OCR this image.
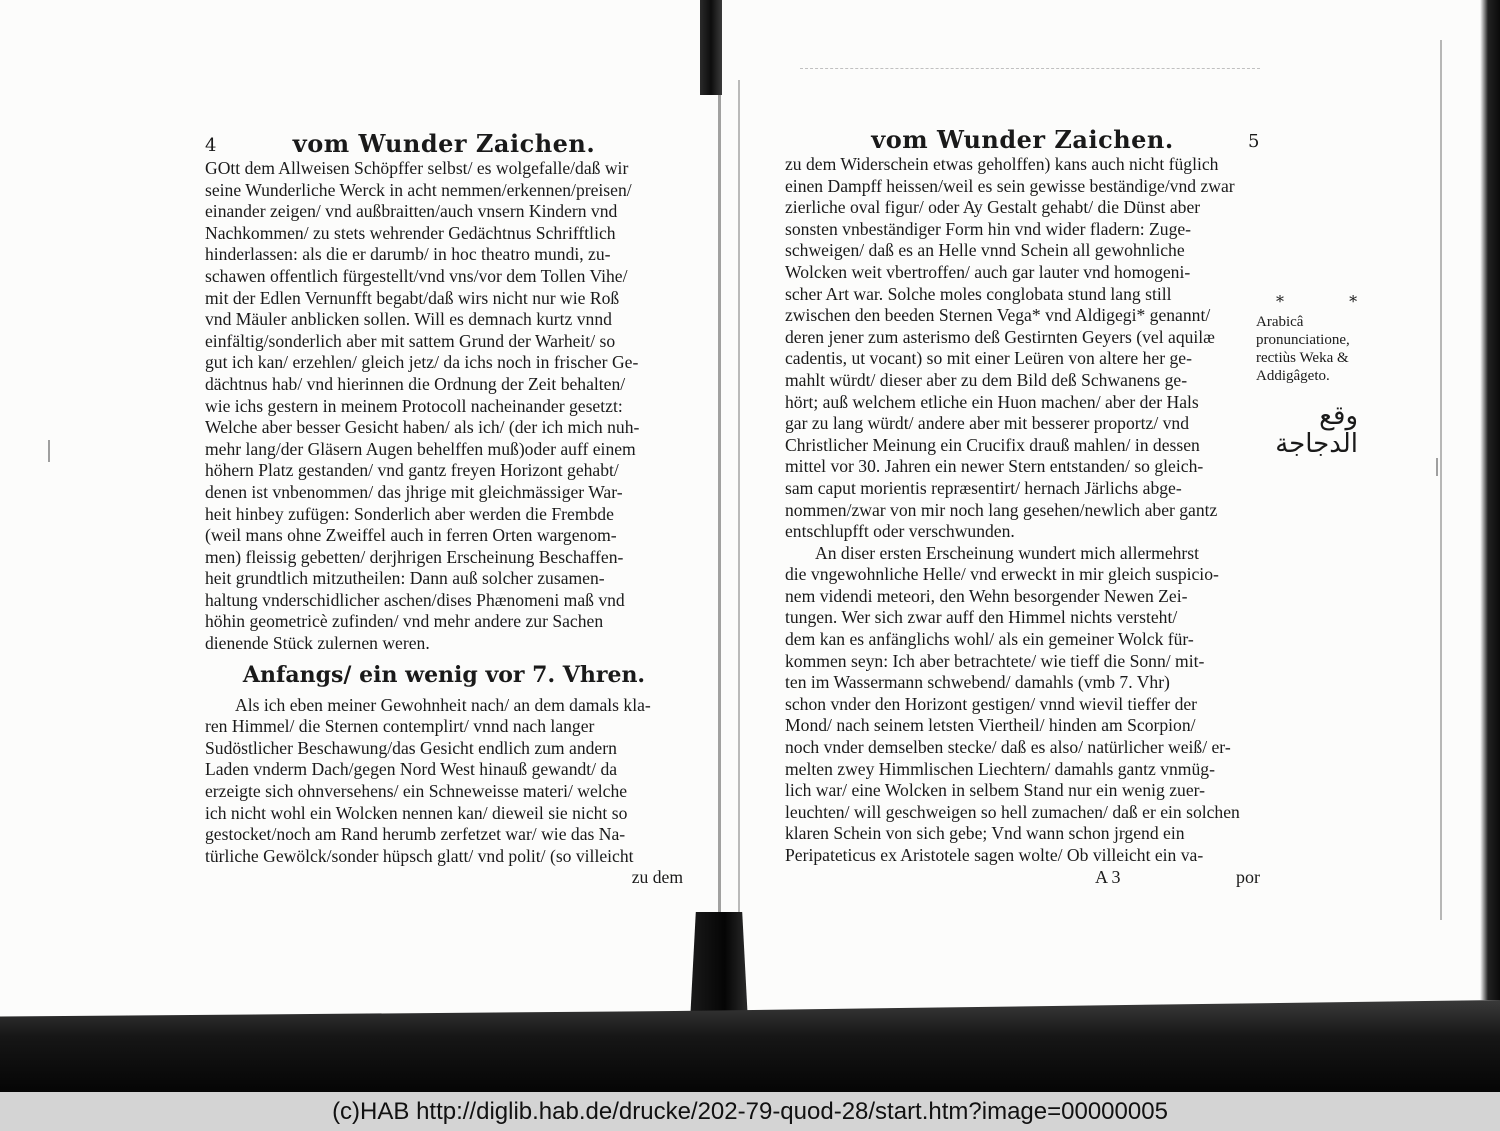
4	vom Wunder Zaichen.
GOtt dem Allweisen Schöpffer selbst/ es wolgefalle/daß wir
seine Wunderliche Werck in acht nemmen/erkennen/preisen/
einander zeigen/ vnd außbraitten/auch vnsern Kindern vnd
Nachkommen/ zu stets wehrender Gedächtnus Schrifftlich
hinderlassen: als die er darumb/ in hoc theatro mundi, zu-
schawen offentlich fürgestellt/vnd vns/vor dem Tollen Vihe/
mit der Edlen Vernunfft begabt/daß wirs nicht nur wie Roß
vnd Mäuler anblicken sollen. Will es demnach kurtz vnnd
einfältig/sonderlich aber mit sattem Grund der Warheit/ so
gut ich kan/ erzehlen/ gleich jetz/ da ichs noch in frischer Ge-
dächtnus hab/ vnd hierinnen die Ordnung der Zeit behalten/
wie ichs gestern in meinem Protocoll nacheinander gesetzt:
Welche aber besser Gesicht haben/ als ich/ (der ich mich nuh-
mehr lang/der Gläsern Augen behelffen muß)oder auff einem
höhern Platz gestanden/ vnd gantz freyen Horizont gehabt/
denen ist vnbenommen/ das jhrige mit gleichmässiger War-
heit hinbey zufügen: Sonderlich aber werden die Frembde
(weil mans ohne Zweiffel auch in ferren Orten wargenom-
men) fleissig gebetten/ derjhrigen Erscheinung Beschaffen-
heit grundtlich mitzutheilen: Dann auß solcher zusamen-
haltung vnderschidlicher aschen/dises Phænomeni maß vnd
höhin geometricè zufinden/ vnd mehr andere zur Sachen
dienende Stück zulernen weren.
Anfangs/ ein wenig vor 7. Vhren.
Als ich eben meiner Gewohnheit nach/ an dem damals kla-
ren Himmel/ die Sternen contemplirt/ vnnd nach langer
Sudöstlicher Beschawung/das Gesicht endlich zum andern
Laden vnderm Dach/gegen Nord West hinauß gewandt/ da
erzeigte sich ohnversehens/ ein Schneweisse materi/ welche
ich nicht wohl ein Wolcken nennen kan/ dieweil sie nicht so
gestocket/noch am Rand herumb zerfetzet war/ wie das Na-
türliche Gewölck/sonder hüpsch glatt/ vnd polit/ (so villeicht
zu dem
vom Wunder Zaichen.	5
zu dem Widerschein etwas geholffen) kans auch nicht füglich
einen Dampff heissen/weil es sein gewisse beständige/vnd zwar
zierliche oval figur/ oder Ay Gestalt gehabt/ die Dünst aber
sonsten vnbeständiger Form hin vnd wider fladern: Zuge-
schweigen/ daß es an Helle vnnd Schein all gewohnliche
Wolcken weit vbertroffen/ auch gar lauter vnd homogeni-
scher Art war. Solche moles conglobata stund lang still
zwischen den beeden Sternen Vega* vnd Aldigegi* genannt/
deren jener zum asterismo deß Gestirnten Geyers (vel aquilæ
cadentis, ut vocant) so mit einer Leüren von altere her ge-
mahlt würdt/ dieser aber zu dem Bild deß Schwanens ge-
hört; auß welchem etliche ein Huon machen/ aber der Hals
gar zu lang würdt/ andere aber mit besserer proportz/ vnd
Christlicher Meinung ein Crucifix drauß mahlen/ in dessen
mittel vor 30. Jahren ein newer Stern entstanden/ so gleich-
sam caput morientis repræsentirt/ hernach Järlichs abge-
nommen/zwar von mir noch lang gesehen/newlich aber gantz
entschlupfft oder verschwunden.
An diser ersten Erscheinung wundert mich allermehrst
die vngewohnliche Helle/ vnd erweckt in mir gleich suspicio-
nem videndi meteori, den Wehn besorgender Newen Zei-
tungen. Wer sich zwar auff den Himmel nichts versteht/
dem kan es anfänglichs wohl/ als ein gemeiner Wolck für-
kommen seyn: Ich aber betrachtete/ wie tieff die Sonn/ mit-
ten im Wassermann schwebend/ damahls (vmb 7. Vhr)
schon vnder den Horizont gestigen/ vnnd wievil tieffer der
Mond/ nach seinem letsten Viertheil/ hinden am Scorpion/
noch vnder demselben stecke/ daß es also/ natürlicher weiß/ er-
melten zwey Himmlischen Liechtern/ damahls gantz vnmüg-
lich war/ eine Wolcken in selbem Stand nur ein wenig zuer-
leuchten/ will geschweigen so hell zumachen/ daß er ein solchen
klaren Schein von sich gebe; Vnd wann schon jrgend ein
Peripateticus ex Aristotele sagen wolte/ Ob villeicht ein va-
A 3	por
* *
Arabicâ pronunciatione, rectiùs Weka & Addigâgeto.
وقع الدجاجة
(c)HAB http://diglib.hab.de/drucke/202-79-quod-28/start.htm?image=00000005
